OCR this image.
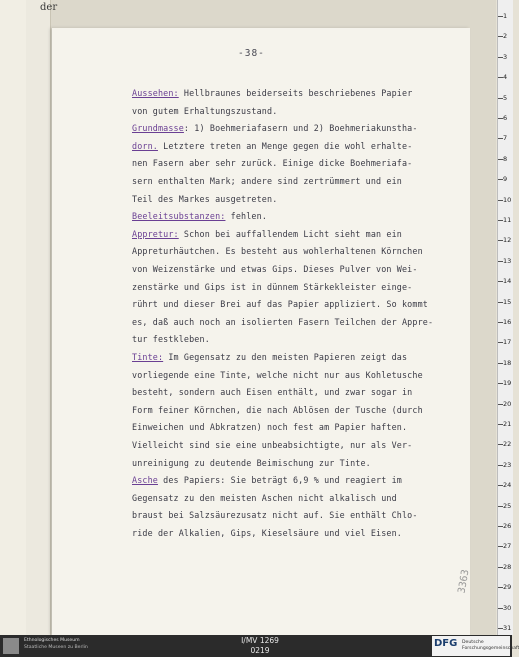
der
-38-
Aussehen: Hellbraunes beiderseits beschriebenes Papier
von gutem Erhaltungszustand.
Grundmasse: 1) Boehmeriafasern und 2) Boehmeriakunstha-
dorn. Letztere treten an Menge gegen die wohl erhalte-
nen Fasern aber sehr zurück. Einige dicke Boehmeriafa-
sern enthalten Mark; andere sind zertrümmert und ein
Teil des Markes ausgetreten.
Beeleitsubstanzen: fehlen.
Appretur: Schon bei auffallendem Licht sieht man ein
Appreturhäutchen. Es besteht aus wohlerhaltenen Körnchen
von Weizenstärke und etwas Gips. Dieses Pulver von Wei-
zenstärke und Gips ist in dünnem Stärkekleister einge-
rührt und dieser Brei auf das Papier appliziert. So kommt
es, daß auch noch an isolierten Fasern Teilchen der Appre-
tur festkleben.
Tinte: Im Gegensatz zu den meisten Papieren zeigt das
vorliegende eine Tinte, welche nicht nur aus Kohletusche
besteht, sondern auch Eisen enthält, und zwar sogar in
Form feiner Körnchen, die nach Ablösen der Tusche (durch
Einweichen und Abkratzen) noch fest am Papier haften.
Vielleicht sind sie eine unbeabsichtigte, nur als Ver-
unreinigung zu deutende Beimischung zur Tinte.
Asche des Papiers: Sie beträgt 6,9 % und reagiert im
Gegensatz zu den meisten Aschen nicht alkalisch und
braust bei Salzsäurezusatz nicht auf. Sie enthält Chlo-
ride der Alkalien, Gips, Kieselsäure und viel Eisen.
3363
1
2
3
4
5
6
7
8
9
10
11
12
13
14
15
16
17
18
19
20
21
22
23
24
25
26
27
28
29
30
31
Ethnologisches Museum
Staatliche Museen zu Berlin
I/MV 1269
0219
DFG Deutsche
Forschungsgemeinschaft
